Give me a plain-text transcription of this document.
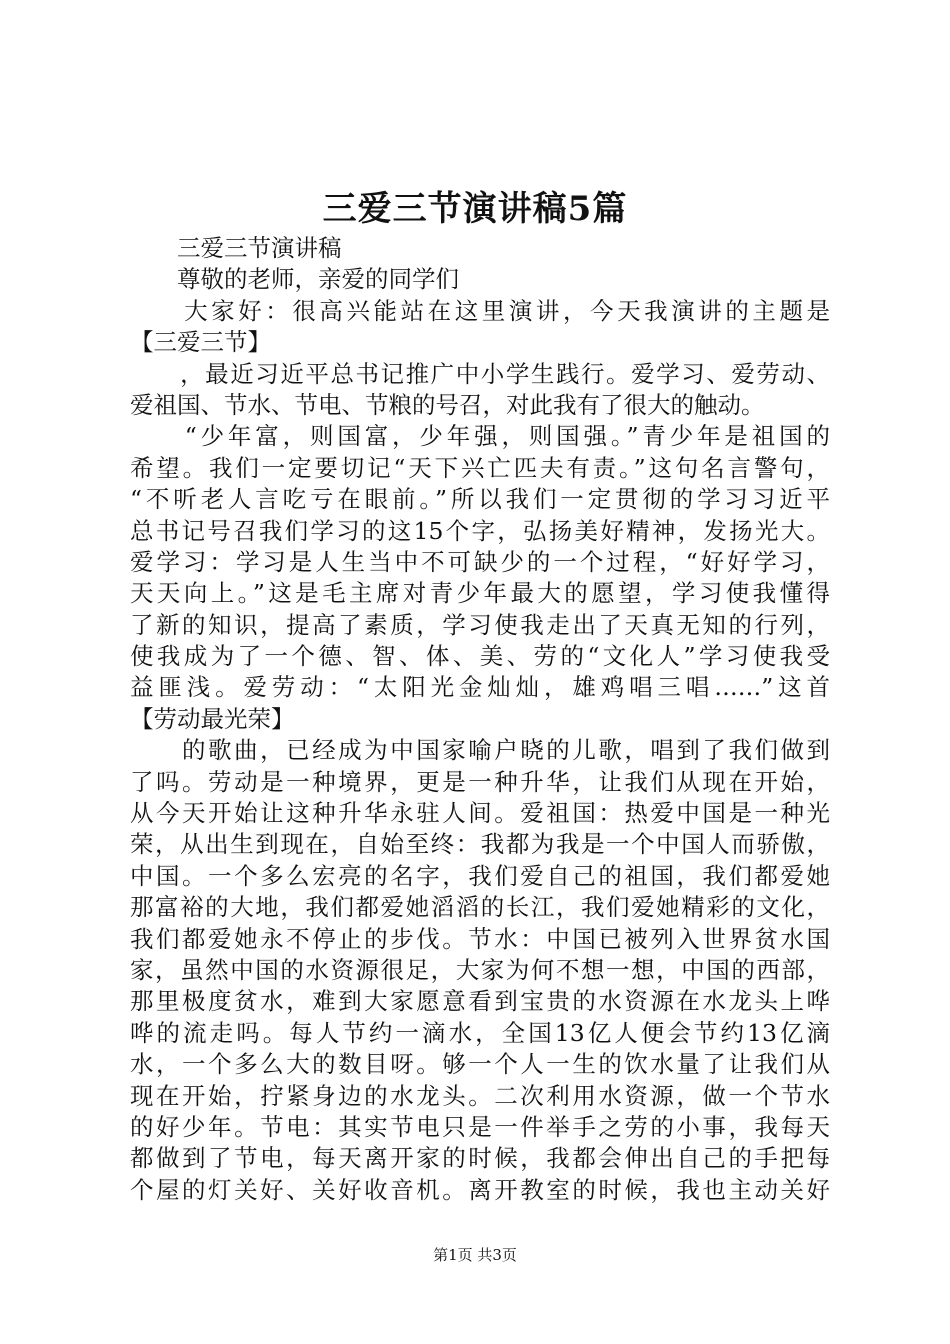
三爱三节演讲稿5篇
　　三爱三节演讲稿
　　尊敬的老师，亲爱的同学们
　　大家好：很高兴能站在这里演讲，今天我演讲的主题是
【三爱三节】
　　，最近习近平总书记推广中小学生践行。爱学习、爱劳动、
爱祖国、节水、节电、节粮的号召，对此我有了很大的触动。
　　“少年富，则国富，少年强，则国强。”青少年是祖国的
希望。我们一定要切记“天下兴亡匹夫有责。”这句名言警句，
“不听老人言吃亏在眼前。”所以我们一定贯彻的学习习近平
总书记号召我们学习的这15个字，弘扬美好精神，发扬光大。
爱学习：学习是人生当中不可缺少的一个过程，“好好学习，
天天向上。”这是毛主席对青少年最大的愿望，学习使我懂得
了新的知识，提高了素质，学习使我走出了天真无知的行列，
使我成为了一个德、智、体、美、劳的“文化人”学习使我受
益匪浅。爱劳动：“太阳光金灿灿，雄鸡唱三唱……”这首
【劳动最光荣】
　　的歌曲，已经成为中国家喻户晓的儿歌，唱到了我们做到
了吗。劳动是一种境界，更是一种升华，让我们从现在开始，
从今天开始让这种升华永驻人间。爱祖国：热爱中国是一种光
荣，从出生到现在，自始至终：我都为我是一个中国人而骄傲，
中国。一个多么宏亮的名字，我们爱自己的祖国，我们都爱她
那富裕的大地，我们都爱她滔滔的长江，我们爱她精彩的文化，
我们都爱她永不停止的步伐。节水：中国已被列入世界贫水国
家，虽然中国的水资源很足，大家为何不想一想，中国的西部，
那里极度贫水，难到大家愿意看到宝贵的水资源在水龙头上哗
哗的流走吗。每人节约一滴水，全国13亿人便会节约13亿滴
水，一个多么大的数目呀。够一个人一生的饮水量了让我们从
现在开始，拧紧身边的水龙头。二次利用水资源，做一个节水
的好少年。节电：其实节电只是一件举手之劳的小事，我每天
都做到了节电，每天离开家的时候，我都会伸出自己的手把每
个屋的灯关好、关好收音机。离开教室的时候，我也主动关好
第1页 共3页
